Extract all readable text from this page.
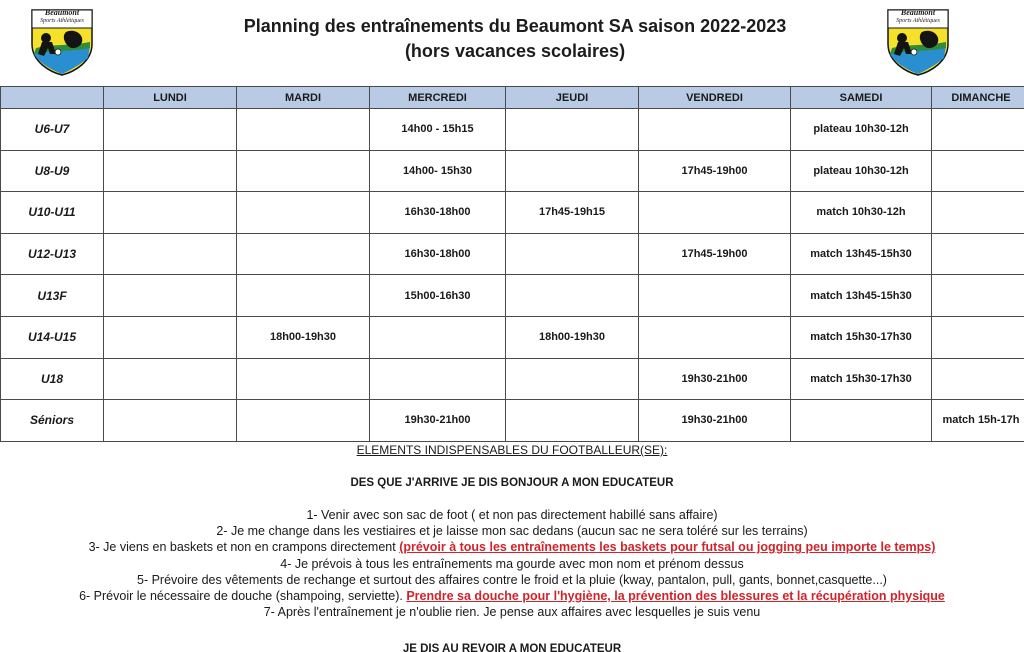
Beaumont
Sports Athlétiques
Beaumont
Sports Athlétiques
Planning des entraînements du Beaumont SA saison 2022-2023
(hors vacances scolaires)
	LUNDI	MARDI	MERCREDI	JEUDI	VENDREDI	SAMEDI	DIMANCHE
U6-U7			14h00 - 15h15			plateau 10h30-12h	
U8-U9			14h00- 15h30		17h45-19h00	plateau 10h30-12h	
U10-U11			16h30-18h00	17h45-19h15		match 10h30-12h	
U12-U13			16h30-18h00		17h45-19h00	match 13h45-15h30	
U13F			15h00-16h30			match 13h45-15h30	
U14-U15		18h00-19h30		18h00-19h30		match 15h30-17h30	
U18					19h30-21h00	match 15h30-17h30	
Séniors			19h30-21h00		19h30-21h00		match 15h-17h
ELEMENTS INDISPENSABLES DU FOOTBALLEUR(SE):
DES QUE J'ARRIVE JE DIS BONJOUR A MON EDUCATEUR
1- Venir avec son sac de foot ( et non pas directement habillé sans affaire)
2- Je me change dans les vestiaires et je laisse mon sac dedans (aucun sac ne sera toléré sur les terrains)
3- Je viens en baskets et non en crampons directement (prévoir à tous les entraînements les baskets pour futsal ou jogging peu importe le temps)
4- Je prévois à tous les entraînements ma gourde avec mon nom et prénom dessus
5- Prévoire des vêtements de rechange et surtout des affaires contre le froid et la pluie (kway, pantalon, pull, gants, bonnet,casquette...)
6- Prévoir le nécessaire de douche (shampoing, serviette). Prendre sa douche pour l'hygiène, la prévention des blessures et la récupération physique
7- Après l'entraînement je n'oublie rien. Je pense aux affaires avec lesquelles je suis venu
JE DIS AU REVOIR A MON EDUCATEUR
